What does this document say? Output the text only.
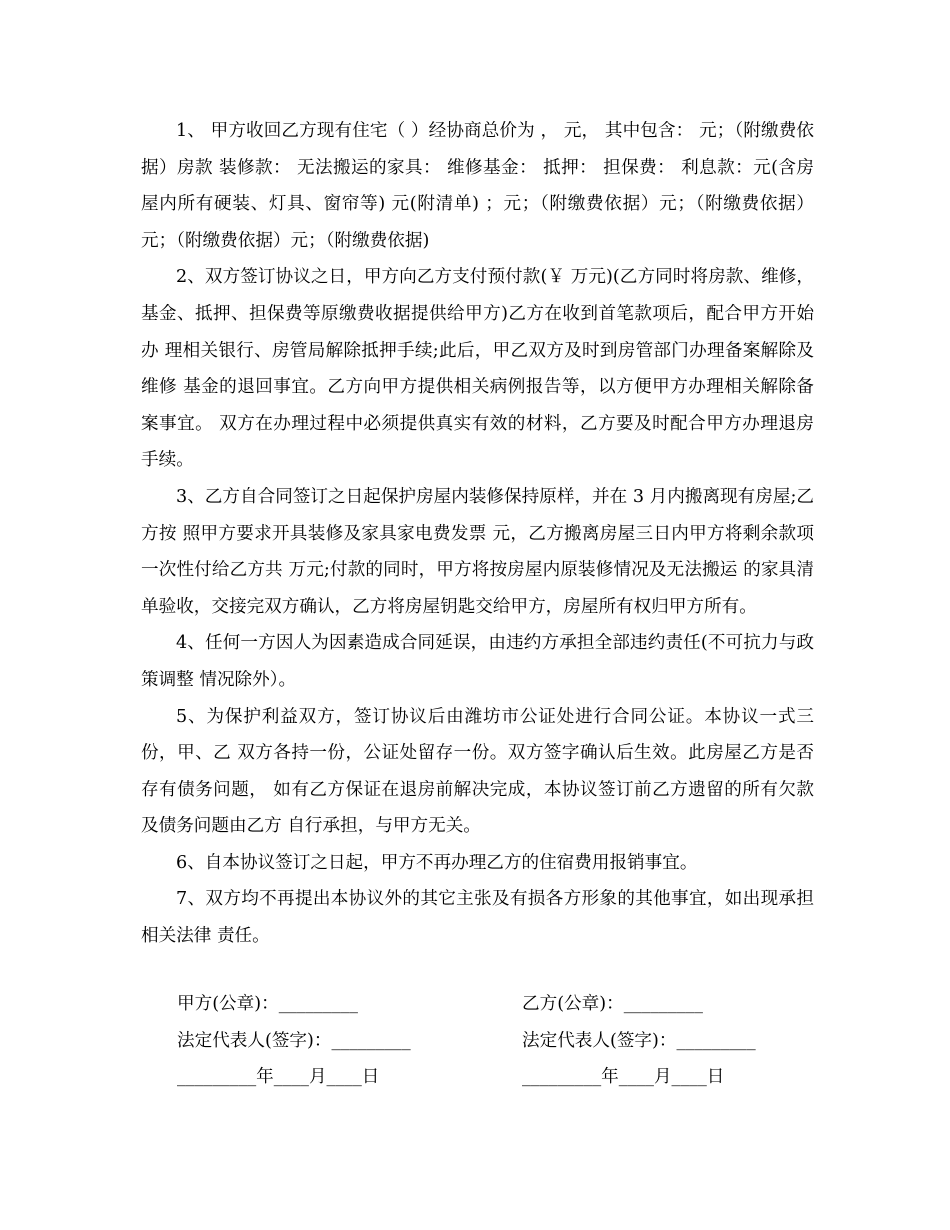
1、 甲方收回乙方现有住宅（ ）经协商总价为 ， 元， 其中包含： 元；（附缴费依据）房款 装修款： 无法搬运的家具： 维修基金： 抵押： 担保费： 利息款：元(含房屋内所有硬装、灯具、窗帘等) 元(附清单) ；元；（附缴费依据）元；（附缴费依据）元；（附缴费依据）元；（附缴费依据)

2、双方签订协议之日，甲方向乙方支付预付款(￥ 万元)(乙方同时将房款、维修， 基金、抵押、担保费等原缴费收据提供给甲方)乙方在收到首笔款项后，配合甲方开始办 理相关银行、房管局解除抵押手续;此后，甲乙双方及时到房管部门办理备案解除及维修 基金的退回事宜。乙方向甲方提供相关病例报告等，以方便甲方办理相关解除备案事宜。 双方在办理过程中必须提供真实有效的材料，乙方要及时配合甲方办理退房手续。

3、乙方自合同签订之日起保护房屋内装修保持原样，并在 3 月内搬离现有房屋;乙方按 照甲方要求开具装修及家具家电费发票 元，乙方搬离房屋三日内甲方将剩余款项 一次性付给乙方共 万元;付款的同时，甲方将按房屋内原装修情况及无法搬运 的家具清单验收，交接完双方确认，乙方将房屋钥匙交给甲方，房屋所有权归甲方所有。

4、任何一方因人为因素造成合同延误，由违约方承担全部违约责任(不可抗力与政策调整 情况除外）。

5、为保护利益双方，签订协议后由潍坊市公证处进行合同公证。本协议一式三份，甲、乙 双方各持一份，公证处留存一份。双方签字确认后生效。此房屋乙方是否存有债务问题， 如有乙方保证在退房前解决完成，本协议签订前乙方遗留的所有欠款及债务问题由乙方 自行承担，与甲方无关。

6、自本协议签订之日起，甲方不再办理乙方的住宿费用报销事宜。

7、双方均不再提出本协议外的其它主张及有损各方形象的其他事宜，如出现承担相关法律 责任。

甲方(公章)：_________	乙方(公章)：_________
法定代表人(签字)：_________	法定代表人(签字)：_________
_________年____月____日	_________年____月____日
